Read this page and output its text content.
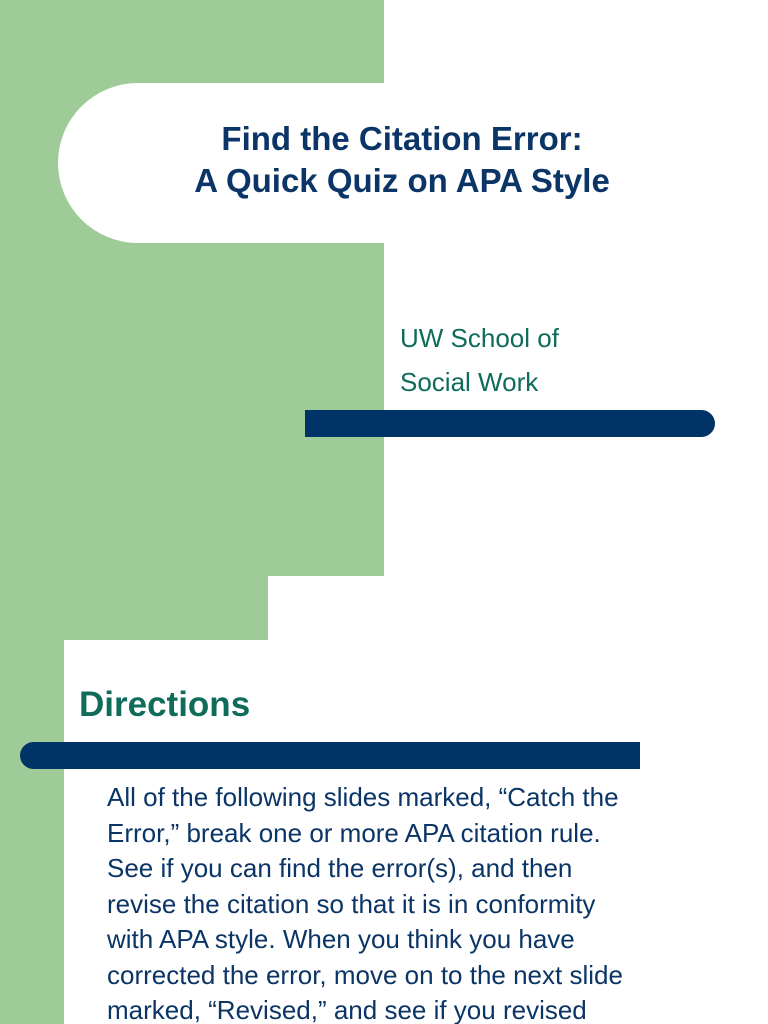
Find the Citation Error:
A Quick Quiz on APA Style
UW School of
Social Work
Directions
All of the following slides marked, “Catch the
Error,” break one or more APA citation rule.
See if you can find the error(s), and then
revise the citation so that it is in conformity
with APA style. When you think you have
corrected the error, move on to the next slide
marked, “Revised,” and see if you revised
